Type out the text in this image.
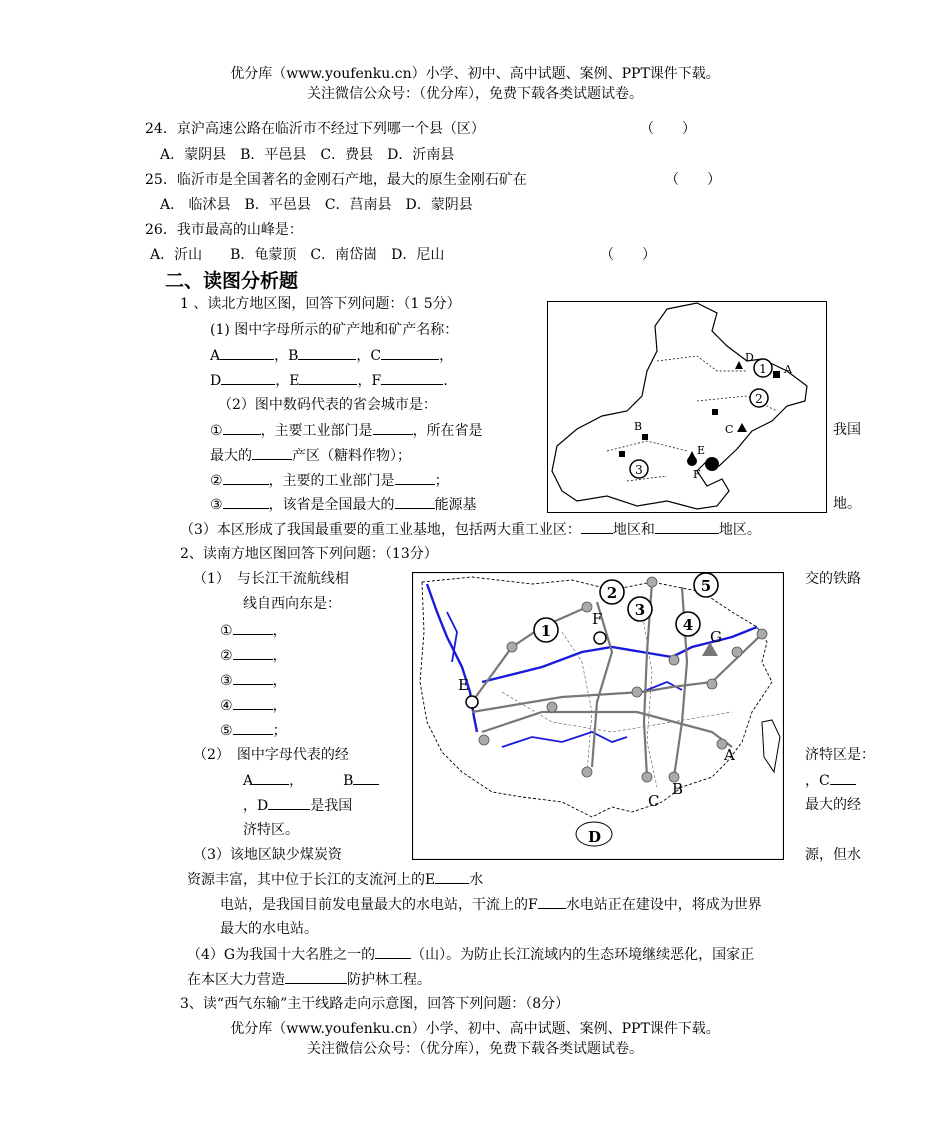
优分库（www.youfenku.cn）小学、初中、高中试题、案例、PPT课件下载。
关注微信公众号：（优分库），免费下载各类试题试卷。
24．京沪高速公路在临沂市不经过下列哪一个县（区）	（　　）
A．蒙阴县　B．平邑县　C．费县　D．沂南县
25．临沂市是全国著名的金刚石产地，最大的原生金刚石矿在	（　　）
A． 临沭县　B．平邑县　C．莒南县　D．蒙阴县
26．我市最高的山峰是：
A．沂山　　B．龟蒙顶　C．南岱崮　D．尼山	（　　）
二、读图分析题
1 、读北方地区图，回答下列问题：（1 5分）
(1) 图中字母所示的矿产地和矿产名称：
A	，B	，C	，
D	，E	，F	.
（2）图中数码代表的省会城市是：
①	，主要工业部门是	，所在省是	我国
最大的	产区（糖料作物）；
②	，主要的工业部门是	；
③	，该省是全国最大的	能源基	地。
（3）本区形成了我国最重要的重工业基地，包括两大重工业区： 地区和	地区。
1
2
3
D
A
B	C
E
F
2、读南方地区图回答下列问题：（13分）
（1）　与长江干流航线相	交的铁路
线自西向东是：
①	，
②	，
③	，
④	，
⑤	；
（2）　图中字母代表的经	济特区是：
A	，	B	，C
，D	是我国	最大的经
济特区。
（3）该地区缺少煤炭资	源，但水
资源丰富，其中位于长江的支流河上的E 水
电站，是我国目前发电量最大的水电站，干流上的F 水电站正在建设中，将成为世界
最大的水电站。
（4）G为我国十大名胜之一的	（山）。为防止长江流域内的生态环境继续恶化，国家正
在本区大力营造	防护林工程。
1
2
3
4
5
F
E
G
A
B
C
D
3、读“西气东输”主干线路走向示意图，回答下列问题：（8分）
优分库（www.youfenku.cn）小学、初中、高中试题、案例、PPT课件下载。
关注微信公众号：（优分库），免费下载各类试题试卷。
